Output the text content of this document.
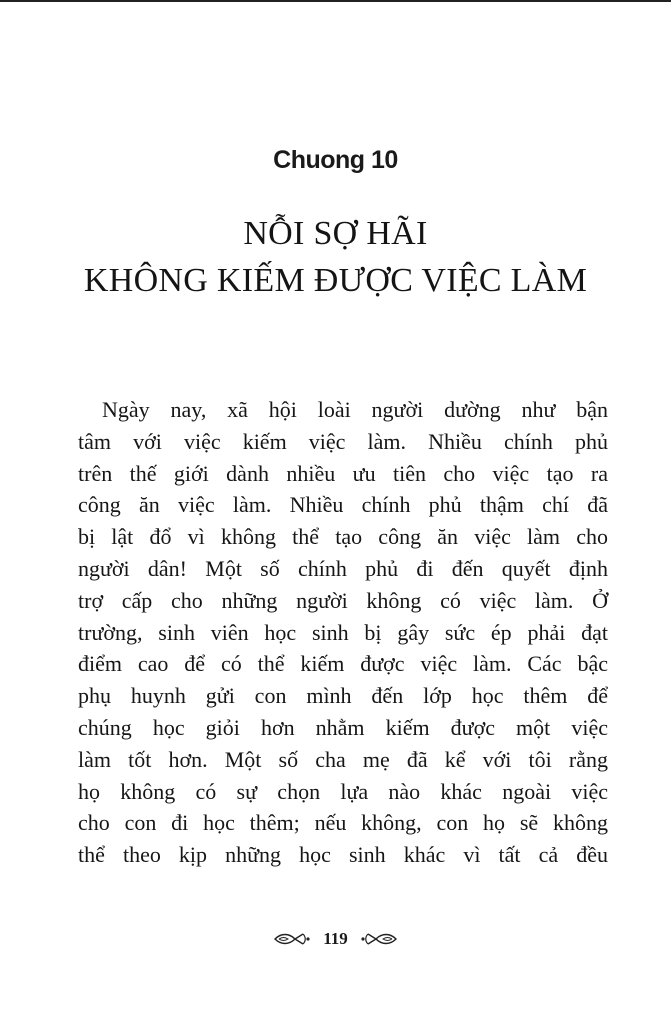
Chuong 10
NỖI SỢ HÃI
KHÔNG KIẾM ĐƯỢC VIỆC LÀM
Ngày nay, xã hội loài người dường như bận
tâm với việc kiếm việc làm. Nhiều chính phủ
trên thế giới dành nhiều ưu tiên cho việc tạo ra
công ăn việc làm. Nhiều chính phủ thậm chí đã
bị lật đổ vì không thể tạo công ăn việc làm cho
người dân! Một số chính phủ đi đến quyết định
trợ cấp cho những người không có việc làm. Ở
trường, sinh viên học sinh bị gây sức ép phải đạt
điểm cao để có thể kiếm được việc làm. Các bậc
phụ huynh gửi con mình đến lớp học thêm để
chúng học giỏi hơn nhằm kiếm được một việc
làm tốt hơn. Một số cha mẹ đã kể với tôi rằng
họ không có sự chọn lựa nào khác ngoài việc
cho con đi học thêm; nếu không, con họ sẽ không
thể theo kịp những học sinh khác vì tất cả đều
119
